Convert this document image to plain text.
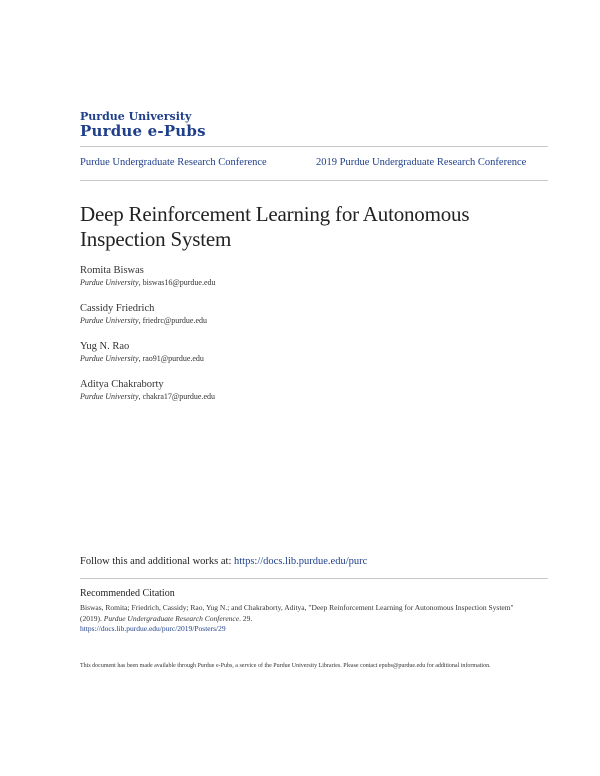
Purdue University
Purdue e-Pubs
Purdue Undergraduate Research Conference	2019 Purdue Undergraduate Research Conference
Deep Reinforcement Learning for Autonomous Inspection System
Romita Biswas
Purdue University, biswas16@purdue.edu
Cassidy Friedrich
Purdue University, friedrc@purdue.edu
Yug N. Rao
Purdue University, rao91@purdue.edu
Aditya Chakraborty
Purdue University, chakra17@purdue.edu
Follow this and additional works at: https://docs.lib.purdue.edu/purc
Recommended Citation
Biswas, Romita; Friedrich, Cassidy; Rao, Yug N.; and Chakraborty, Aditya, "Deep Reinforcement Learning for Autonomous Inspection System" (2019). Purdue Undergraduate Research Conference. 29.
https://docs.lib.purdue.edu/purc/2019/Posters/29
This document has been made available through Purdue e-Pubs, a service of the Purdue University Libraries. Please contact epubs@purdue.edu for additional information.
